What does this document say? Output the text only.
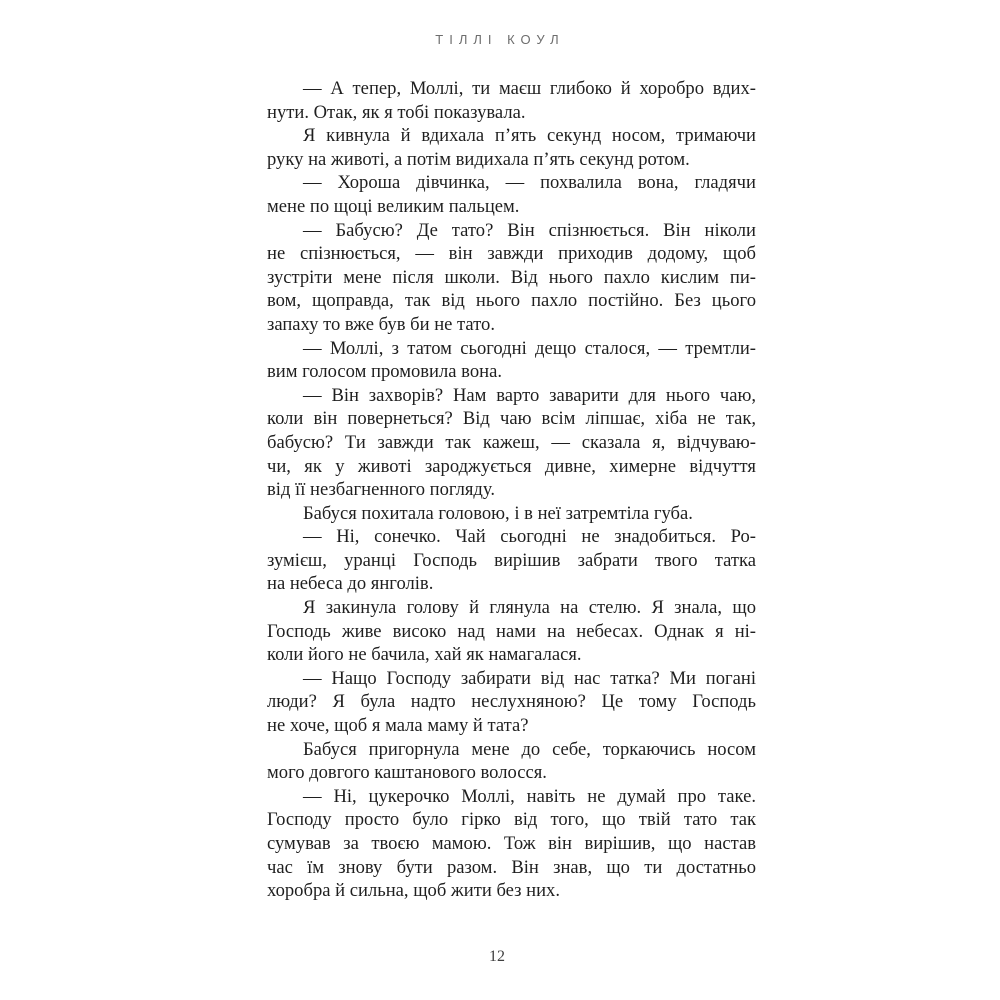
ТІЛЛІ КОУЛ

— А тепер, Моллі, ти маєш глибоко й хоробро вдих-
нути. Отак, як я тобі показувала.

Я кивнула й вдихала п’ять секунд носом, тримаючи
руку на животі, а потім видихала п’ять секунд ротом.

— Хороша дівчинка, — похвалила вона, гладячи
мене по щоці великим пальцем.

— Бабусю? Де тато? Він спізнюється. Він ніколи
не спізнюється, — він завжди приходив додому, щоб
зустріти мене після школи. Від нього пахло кислим пи-
вом, щоправда, так від нього пахло постійно. Без цього
запаху то вже був би не тато.

— Моллі, з татом сьогодні дещо сталося, — тремтли-
вим голосом промовила вона.

— Він захворів? Нам варто заварити для нього чаю,
коли він повернеться? Від чаю всім ліпшає, хіба не так,
бабусю? Ти завжди так кажеш, — сказала я, відчуваю-
чи, як у животі зароджується дивне, химерне відчуття
від її незбагненного погляду.

Бабуся похитала головою, і в неї затремтіла губа.

— Ні, сонечко. Чай сьогодні не знадобиться. Ро-
зумієш, уранці Господь вирішив забрати твого татка
на небеса до янголів.

Я закинула голову й глянула на стелю. Я знала, що
Господь живе високо над нами на небесах. Однак я ні-
коли його не бачила, хай як намагалася.

— Нащо Господу забирати від нас татка? Ми погані
люди? Я була надто неслухняною? Це тому Господь
не хоче, щоб я мала маму й тата?

Бабуся пригорнула мене до себе, торкаючись носом
мого довгого каштанового волосся.

— Ні, цукерочко Моллі, навіть не думай про таке.
Господу просто було гірко від того, що твій тато так
сумував за твоєю мамою. Тож він вирішив, що настав
час їм знову бути разом. Він знав, що ти достатньо
хоробра й сильна, щоб жити без них.

12
